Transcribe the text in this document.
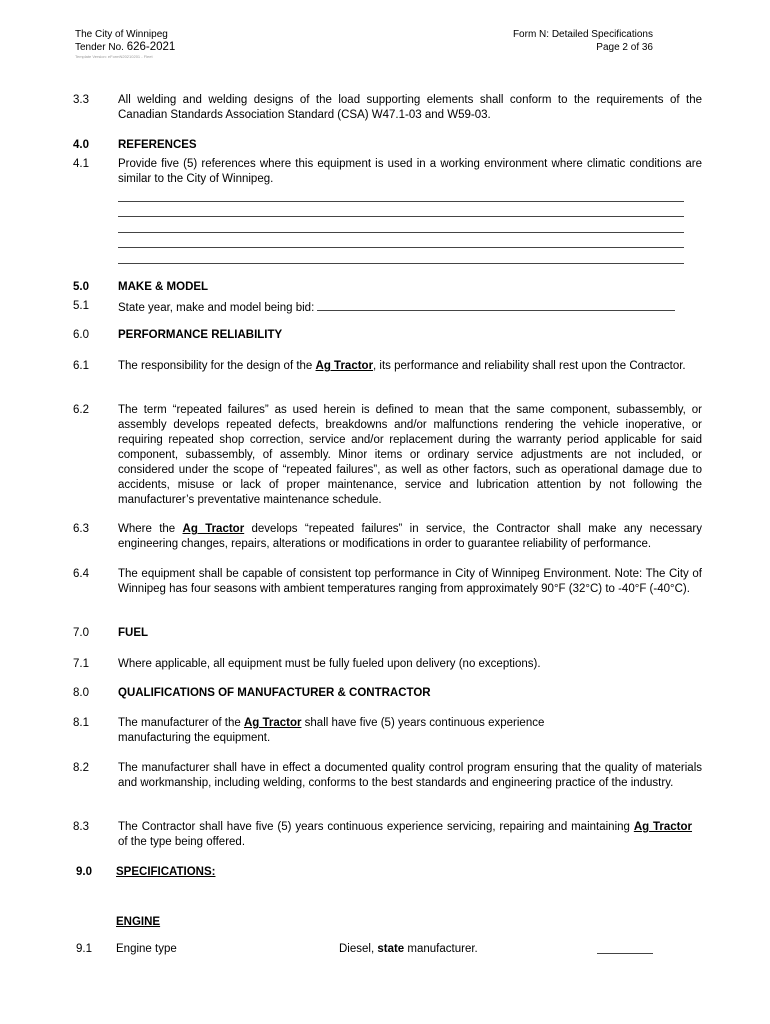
The City of Winnipeg
Tender No. 626-2021
Template Version: eFormN20210201 - Fleet
Form N: Detailed Specifications
Page 2 of 36
3.3	All welding and welding designs of the load supporting elements shall conform to the requirements of the Canadian Standards Association Standard (CSA) W47.1-03 and W59-03.
4.0	REFERENCES
4.1	Provide five (5) references where this equipment is used in a working environment where climatic conditions are similar to the City of Winnipeg.
5.0	MAKE & MODEL
5.1	State year, make and model being bid:
6.0	PERFORMANCE RELIABILITY
6.1	The responsibility for the design of the Ag Tractor, its performance and reliability shall rest upon the Contractor.
6.2	The term “repeated failures” as used herein is defined to mean that the same component, subassembly, or assembly develops repeated defects, breakdowns and/or malfunctions rendering the vehicle inoperative, or requiring repeated shop correction, service and/or replacement during the warranty period applicable for said component, subassembly, of assembly. Minor items or ordinary service adjustments are not included, or considered under the scope of “repeated failures”, as well as other factors, such as operational damage due to accidents, misuse or lack of proper maintenance, service and lubrication attention by not following the manufacturer’s preventative maintenance schedule.
6.3	Where the Ag Tractor develops “repeated failures” in service, the Contractor shall make any necessary engineering changes, repairs, alterations or modifications in order to guarantee reliability of performance.
6.4	The equipment shall be capable of consistent top performance in City of Winnipeg Environment. Note: The City of Winnipeg has four seasons with ambient temperatures ranging from approximately 90°F (32°C) to -40°F (-40°C).
7.0	FUEL
7.1	Where applicable, all equipment must be fully fueled upon delivery (no exceptions).
8.0	QUALIFICATIONS OF MANUFACTURER & CONTRACTOR
8.1	The manufacturer of the Ag Tractor shall have five (5) years continuous experience manufacturing the equipment.
8.2	The manufacturer shall have in effect a documented quality control program ensuring that the quality of materials and workmanship, including welding, conforms to the best standards and engineering practice of the industry.
8.3	The Contractor shall have five (5) years continuous experience servicing, repairing and maintaining Ag Tractor of the type being offered.
9.0 SPECIFICATIONS:
ENGINE
9.1 Engine type	Diesel, state manufacturer.
